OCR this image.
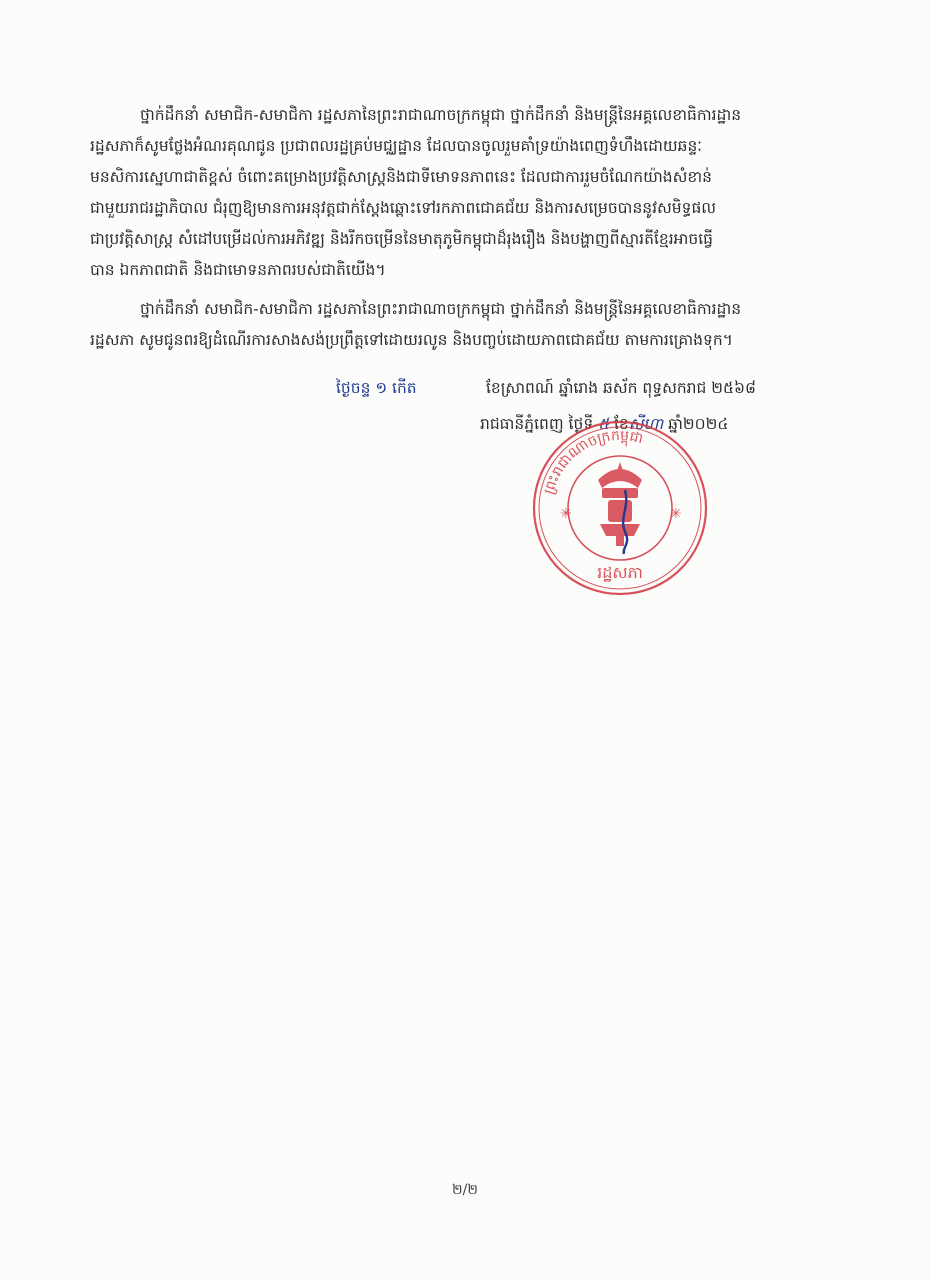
ថ្នាក់ដឹកនាំ សមាជិក-សមាជិកា រដ្ឋសភានៃព្រះរាជាណាចក្រកម្ពុជា ថ្នាក់ដឹកនាំ និងមន្ត្រីនៃអគ្គលេខាធិការដ្ឋាន
រដ្ឋសភាក៏សូមថ្លែងអំណរគុណជូន ប្រជាពលរដ្ឋគ្រប់មជ្ឈដ្ឋាន ដែលបានចូលរួមគាំទ្រយ៉ាងពេញទំហឹងដោយឆន្ទៈ
មនសិការស្នេហាជាតិខ្ពស់ ចំពោះគម្រោងប្រវត្តិសាស្ត្រនិងជាទីមោទនភាពនេះ ដែលជាការរួមចំណែកយ៉ាងសំខាន់
ជាមួយរាជរដ្ឋាភិបាល ជំរុញឱ្យមានការអនុវត្តជាក់ស្តែងឆ្ពោះទៅរកភាពជោគជ័យ និងការសម្រេចបាននូវសមិទ្ធផល
ជាប្រវត្តិសាស្ត្រ សំដៅបម្រើដល់ការអភិវឌ្ឍ និងរីកចម្រើននៃមាតុភូមិកម្ពុជាដ៏រុងរឿង និងបង្ហាញពីស្មារតីខ្មែរអាចធ្វើ
បាន ឯកភាពជាតិ និងជាមោទនភាពរបស់ជាតិយើង។

ថ្នាក់ដឹកនាំ សមាជិក-សមាជិកា រដ្ឋសភានៃព្រះរាជាណាចក្រកម្ពុជា ថ្នាក់ដឹកនាំ និងមន្ត្រីនៃអគ្គលេខាធិការដ្ឋាន
រដ្ឋសភា សូមជូនពរឱ្យដំណើរការសាងសង់ប្រព្រឹត្តទៅដោយរលូន និងបញ្ចប់ដោយភាពជោគជ័យ តាមការគ្រោងទុក។

ថ្ងៃចន្ទ ១ កើត	ខែស្រាពណ៍ ឆ្នាំរោង ឆស័ក ពុទ្ធសករាជ ២៥៦៨
រាជធានីភ្នំពេញ ថ្ងៃទី ៥ ខែសីហា ឆ្នាំ២០២៤
ព្រះរាជាណាចក្រកម្ពុជា
✳	✳
រដ្ឋសភា
២/២
